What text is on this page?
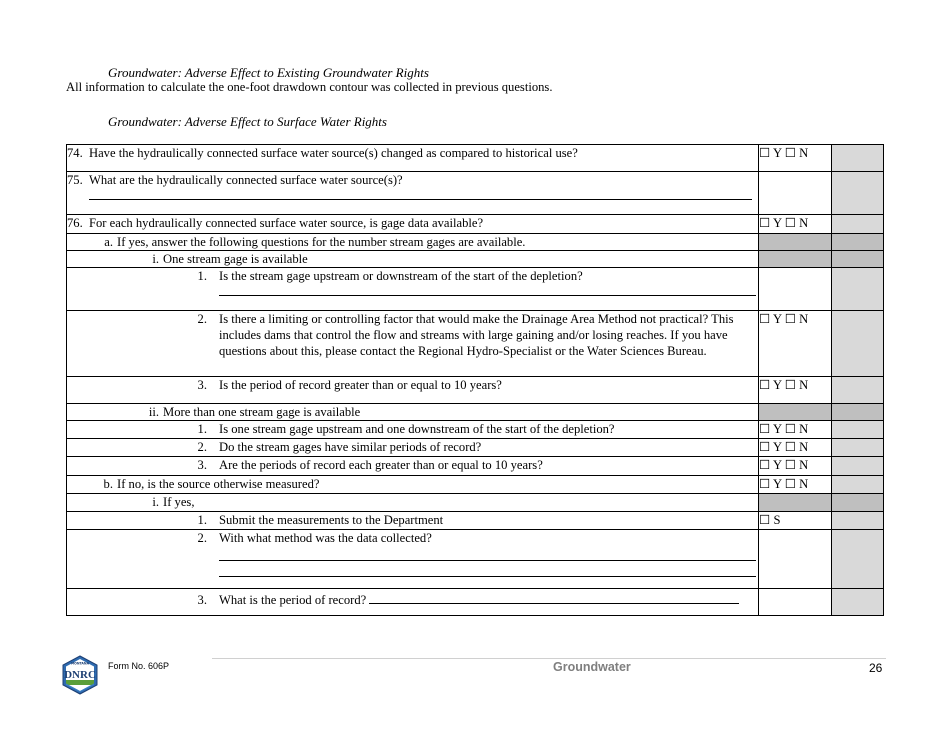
Groundwater: Adverse Effect to Existing Groundwater Rights
All information to calculate the one-foot drawdown contour was collected in previous questions.
Groundwater: Adverse Effect to Surface Water Rights
74. Have the hydraulically connected surface water source(s) changed as compared to historical use?	☐ Y ☐ N	

75. What are the hydraulically connected surface water source(s)?		

76. For each hydraulically connected surface water source, is gage data available?	☐ Y ☐ N	

a. If yes, answer the following questions for the number stream gages are available.		

i. One stream gage is available		

1. Is the stream gage upstream or downstream of the start of the depletion?		

2. Is there a limiting or controlling factor that would make the Drainage Area Method not practical? This includes dams that control the flow and streams with large gaining and/or losing reaches. If you have questions about this, please contact the Regional Hydro-Specialist or the Water Sciences Bureau.	☐ Y ☐ N	

3. Is the period of record greater than or equal to 10 years?	☐ Y ☐ N	

ii. More than one stream gage is available		

1. Is one stream gage upstream and one downstream of the start of the depletion?	☐ Y ☐ N	

2. Do the stream gages have similar periods of record?	☐ Y ☐ N	

3. Are the periods of record each greater than or equal to 10 years?	☐ Y ☐ N	

b. If no, is the source otherwise measured?	☐ Y ☐ N	

i. If yes,		

1. Submit the measurements to the Department	☐ S	

2. With what method was the data collected?		

3. What is the period of record?		

MONTANA
DNRC
Form No. 606P	Groundwater	26
